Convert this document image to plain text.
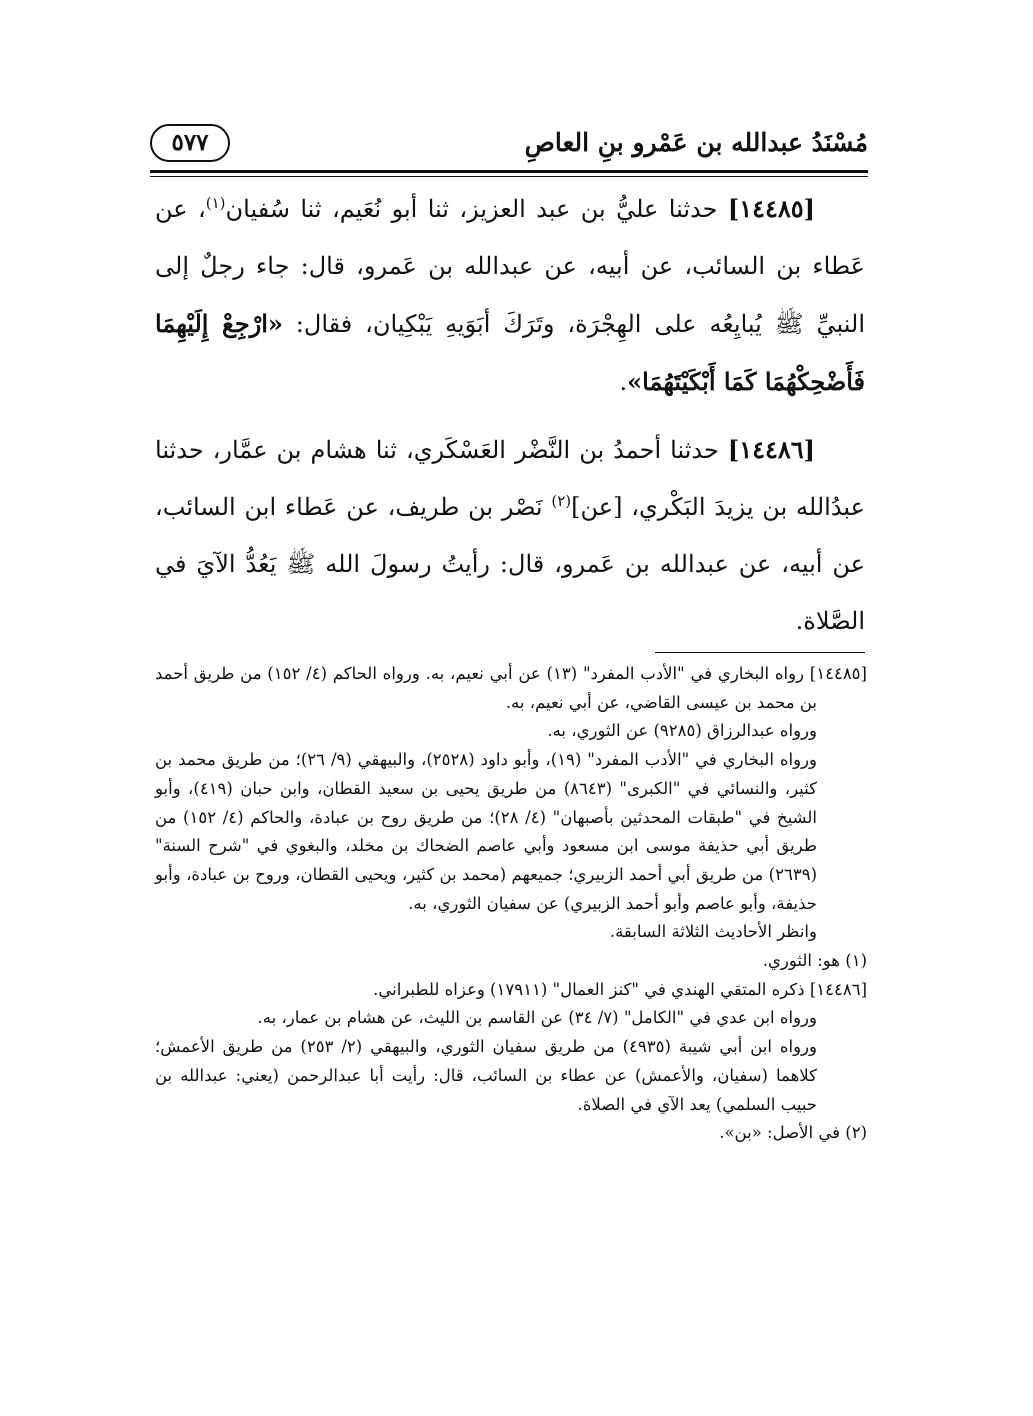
مُسْنَدُ عبدالله بن عَمْرو بنِ العاصِ
٥٧٧

[١٤٤٨٥] حدثنا عليُّ بن عبد العزيز، ثنا أبو نُعَيم، ثنا سُفيان$^{(١)}$، عن عَطاء بن السائب، عن أبيه، عن عبدالله بن عَمرو، قال: جاء رجلٌ إلى النبيِّ ﷺ يُبايِعُه على الهِجْرَة، وتَرَكَ أبَوَيهِ يَبْكِيان، فقال: «ارْجِعْ إِلَيْهِمَا فَأَضْحِكْهُمَا كَمَا أَبْكَيْتَهُمَا».

[١٤٤٨٦] حدثنا أحمدُ بن النَّضْر العَسْكَري، ثنا هشام بن عمَّار، حدثنا عبدُالله بن يزيدَ البَكْري، [عن]$^{(٢)}$ نَصْر بن طريف، عن عَطاء ابن السائب، عن أبيه، عن عبدالله بن عَمرو، قال: رأيتُ رسولَ الله ﷺ يَعُدُّ الآيَ في الصَّلاة.

[١٤٤٨٥] رواه البخاري في "الأدب المفرد" (١٣) عن أبي نعيم، به. ورواه الحاكم (٤/ ١٥٢) من طريق أحمد بن محمد بن عيسى القاضي، عن أبي نعيم، به.

ورواه عبدالرزاق (٩٢٨٥) عن الثوري، به.

ورواه البخاري في "الأدب المفرد" (١٩)، وأبو داود (٢٥٢٨)، والبيهقي (٩/ ٢٦)؛ من طريق محمد بن كثير، والنسائي في "الكبرى" (٨٦٤٣) من طريق يحيى بن سعيد القطان، وابن حبان (٤١٩)، وأبو الشيخ في "طبقات المحدثين بأصبهان" (٤/ ٢٨)؛ من طريق روح بن عبادة، والحاكم (٤/ ١٥٢) من طريق أبي حذيفة موسى ابن مسعود وأبي عاصم الضحاك بن مخلد، والبغوي في "شرح السنة" (٢٦٣٩) من طريق أبي أحمد الزبيري؛ جميعهم (محمد بن كثير، ويحيى القطان، وروح بن عبادة، وأبو حذيفة، وأبو عاصم وأبو أحمد الزبيري) عن سفيان الثوري، به.

وانظر الأحاديث الثلاثة السابقة.

(١) هو: الثوري.

[١٤٤٨٦] ذكره المتقي الهندي في "كنز العمال" (١٧٩١١) وعزاه للطبراني.

ورواه ابن عدي في "الكامل" (٧/ ٣٤) عن القاسم بن الليث، عن هشام بن عمار، به.

ورواه ابن أبي شيبة (٤٩٣٥) من طريق سفيان الثوري، والبيهقي (٢/ ٢٥٣) من طريق الأعمش؛ كلاهما (سفيان، والأعمش) عن عطاء بن السائب، قال: رأيت أبا عبدالرحمن (يعني: عبدالله بن حبيب السلمي) يعد الآي في الصلاة.

(٢) في الأصل: «بن».
